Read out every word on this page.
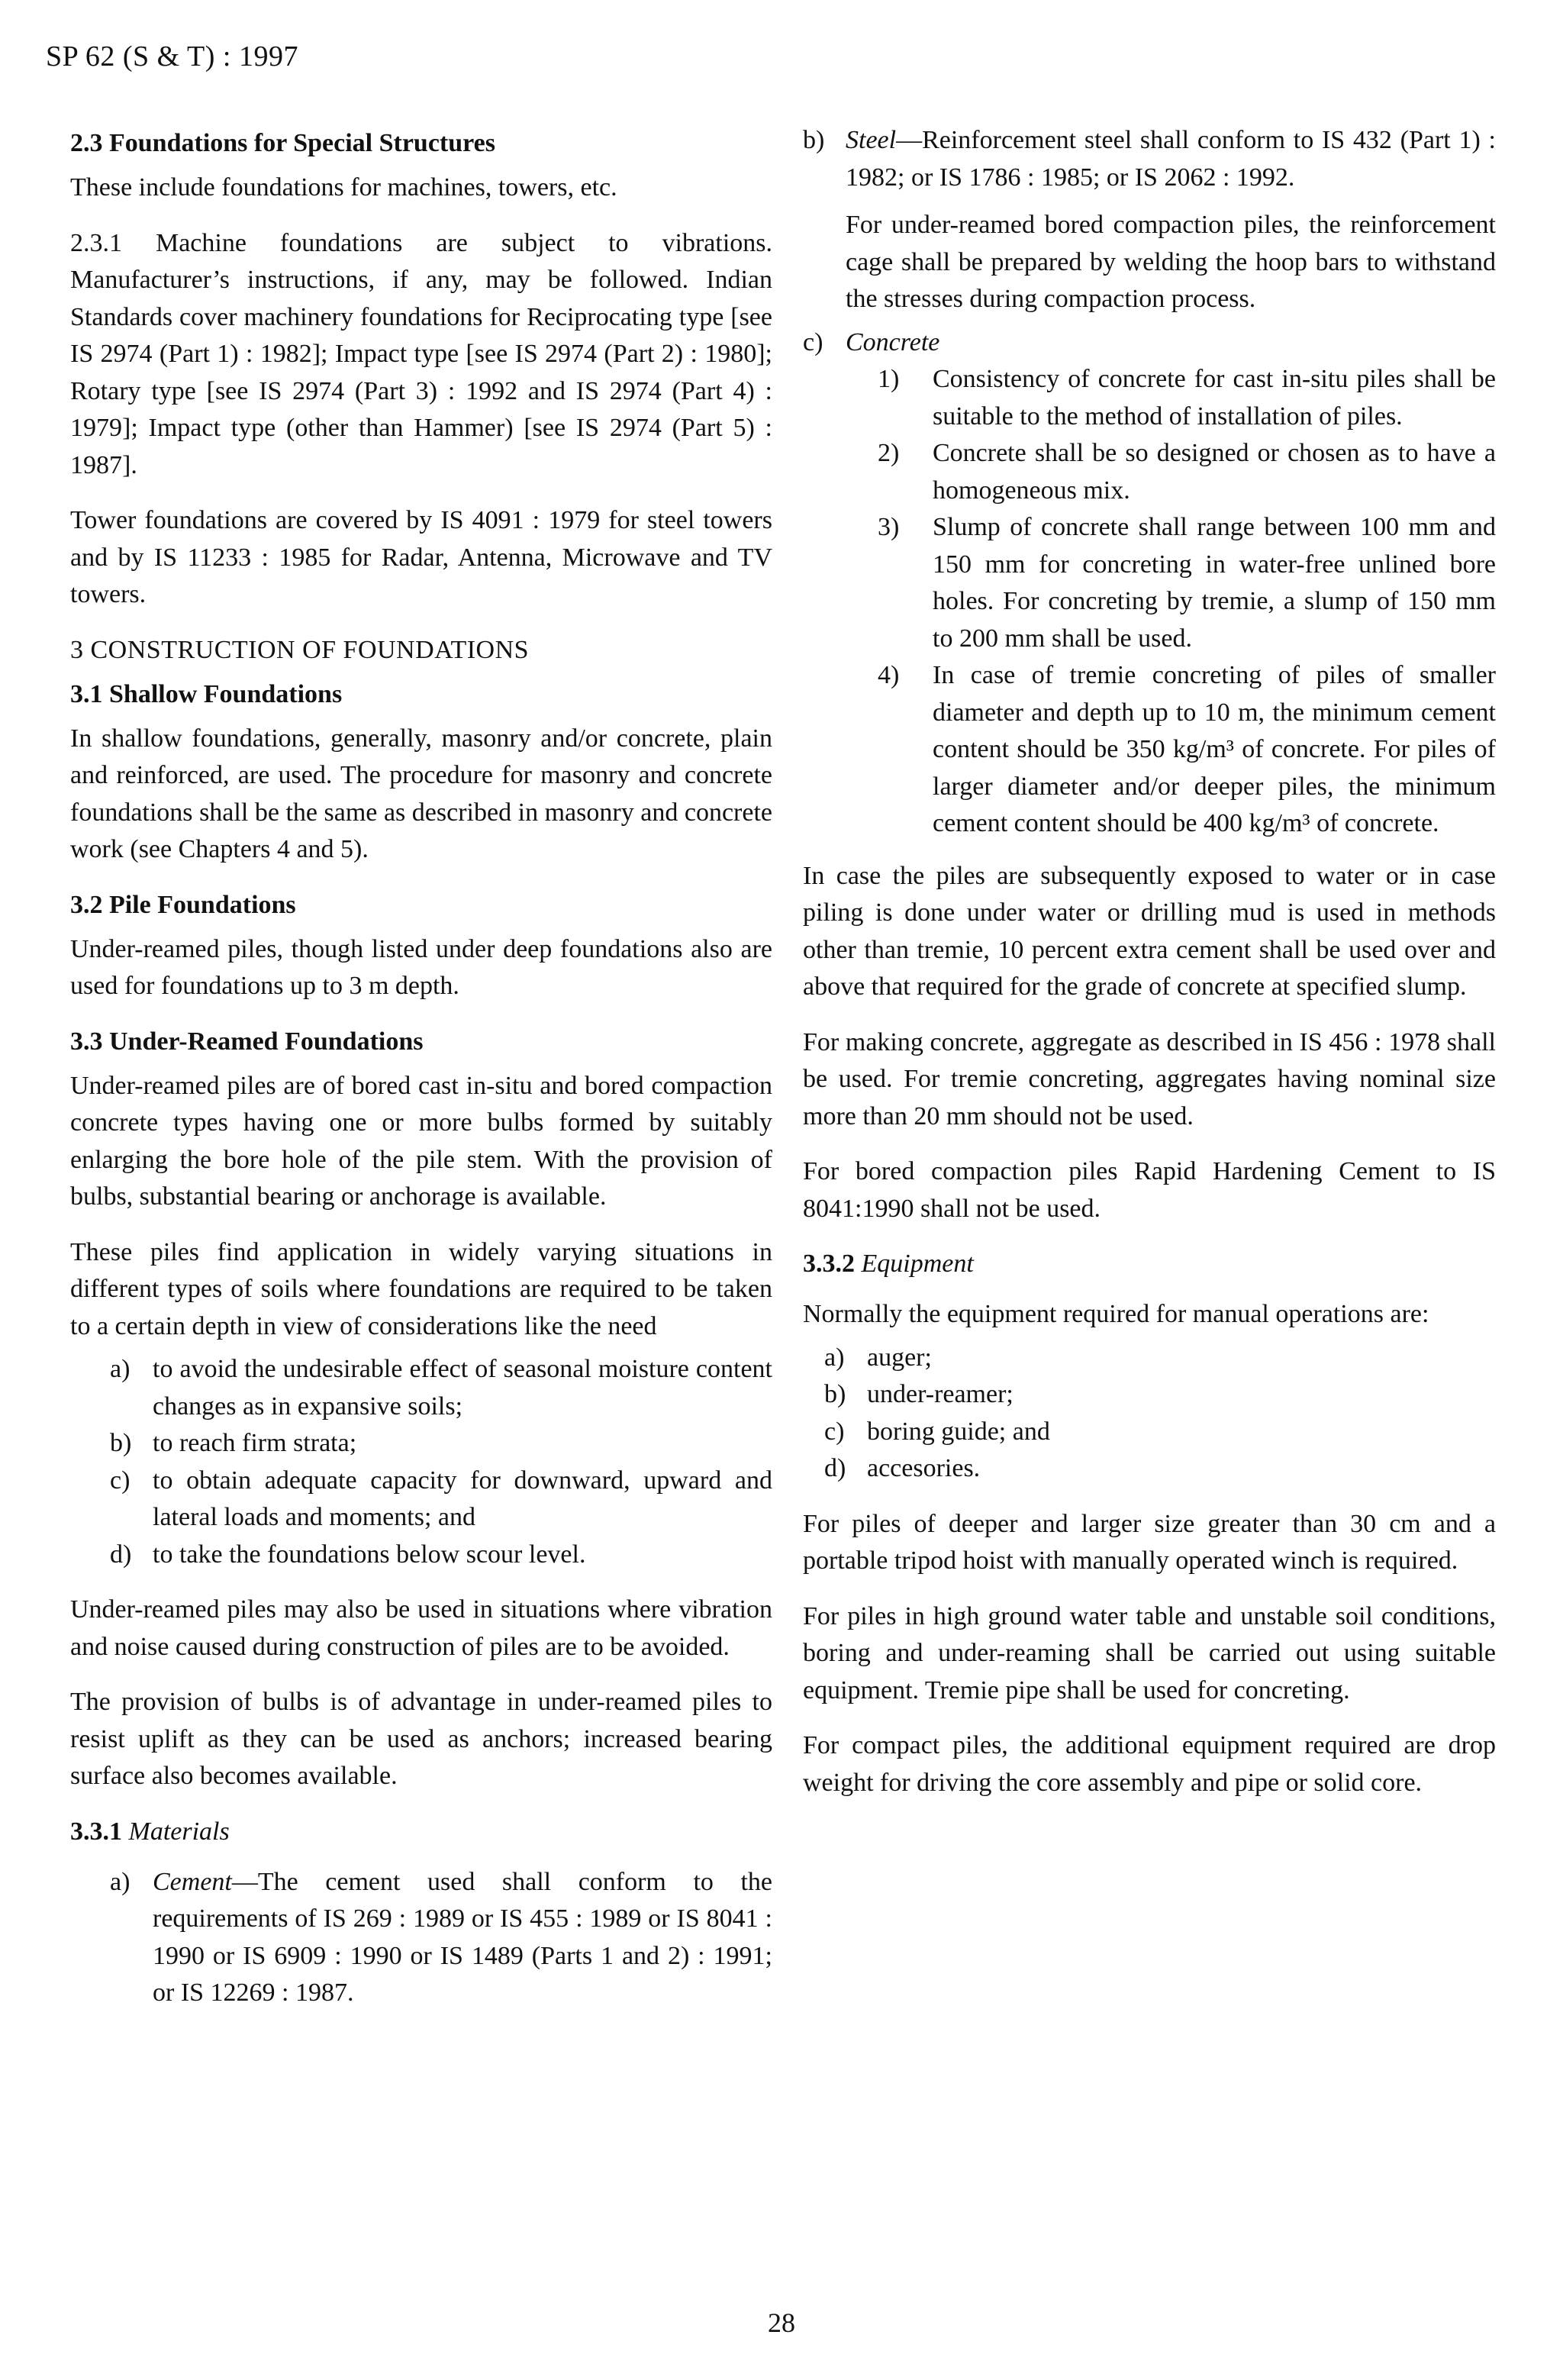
SP 62 (S & T) : 1997
2.3 Foundations for Special Structures

These include foundations for machines, towers, etc.

2.3.1 Machine foundations are subject to vibrations. Manufacturer’s instructions, if any, may be followed. Indian Standards cover machinery foundations for Reciprocating type [see IS 2974 (Part 1) : 1982]; Impact type [see IS 2974 (Part 2) : 1980]; Rotary type [see IS 2974 (Part 3) : 1992 and IS 2974 (Part 4) : 1979]; Impact type (other than Hammer) [see IS 2974 (Part 5) : 1987].

Tower foundations are covered by IS 4091 : 1979 for steel towers and by IS 11233 : 1985 for Radar, Antenna, Microwave and TV towers.

3 CONSTRUCTION OF FOUNDATIONS
3.1 Shallow Foundations

In shallow foundations, generally, masonry and/or concrete, plain and reinforced, are used. The procedure for masonry and concrete foundations shall be the same as described in masonry and concrete work (see Chapters 4 and 5).

3.2 Pile Foundations

Under-reamed piles, though listed under deep foundations also are used for foundations up to 3 m depth.

3.3 Under-Reamed Foundations

Under-reamed piles are of bored cast in-situ and bored compaction concrete types having one or more bulbs formed by suitably enlarging the bore hole of the pile stem. With the provision of bulbs, substantial bearing or anchorage is available.

These piles find application in widely varying situations in different types of soils where foundations are required to be taken to a certain depth in view of considerations like the need

a) to avoid the undesirable effect of seasonal moisture content changes as in expansive soils;
b) to reach firm strata;
c) to obtain adequate capacity for downward, upward and lateral loads and moments; and
d) to take the foundations below scour level.

Under-reamed piles may also be used in situations where vibration and noise caused during construction of piles are to be avoided.

The provision of bulbs is of advantage in under-reamed piles to resist uplift as they can be used as anchors; increased bearing surface also becomes available.

3.3.1 Materials
a) Cement—The cement used shall conform to the requirements of IS 269 : 1989 or IS 455 : 1989 or IS 8041 : 1990 or IS 6909 : 1990 or IS 1489 (Parts 1 and 2) : 1991; or IS 12269 : 1987.
b) Steel—Reinforcement steel shall conform to IS 432 (Part 1) : 1982; or IS 1786 : 1985; or IS 2062 : 1992.

For under-reamed bored compaction piles, the reinforcement cage shall be prepared by welding the hoop bars to withstand the stresses during compaction process.

c) Concrete
1)	Consistency of concrete for cast in-situ piles shall be suitable to the method of installation of piles.
2)	Concrete shall be so designed or chosen as to have a homogeneous mix.
3)	Slump of concrete shall range between 100 mm and 150 mm for concreting in water-free unlined bore holes. For concreting by tremie, a slump of 150 mm to 200 mm shall be used.
4)	In case of tremie concreting of piles of smaller diameter and depth up to 10 m, the minimum cement content should be 350 kg/m³ of concrete. For piles of larger diameter and/or deeper piles, the minimum cement content should be 400 kg/m³ of concrete.

In case the piles are subsequently exposed to water or in case piling is done under water or drilling mud is used in methods other than tremie, 10 percent extra cement shall be used over and above that required for the grade of concrete at specified slump.

For making concrete, aggregate as described in IS 456 : 1978 shall be used. For tremie concreting, aggregates having nominal size more than 20 mm should not be used.

For bored compaction piles Rapid Hardening Cement to IS 8041:1990 shall not be used.

3.3.2 Equipment

Normally the equipment required for manual operations are:

a) auger;
b) under-reamer;
c) boring guide; and
d) accesories.

For piles of deeper and larger size greater than 30 cm and a portable tripod hoist with manually operated winch is required.

For piles in high ground water table and unstable soil conditions, boring and under-reaming shall be carried out using suitable equipment. Tremie pipe shall be used for concreting.

For compact piles, the additional equipment required are drop weight for driving the core assembly and pipe or solid core.

28
